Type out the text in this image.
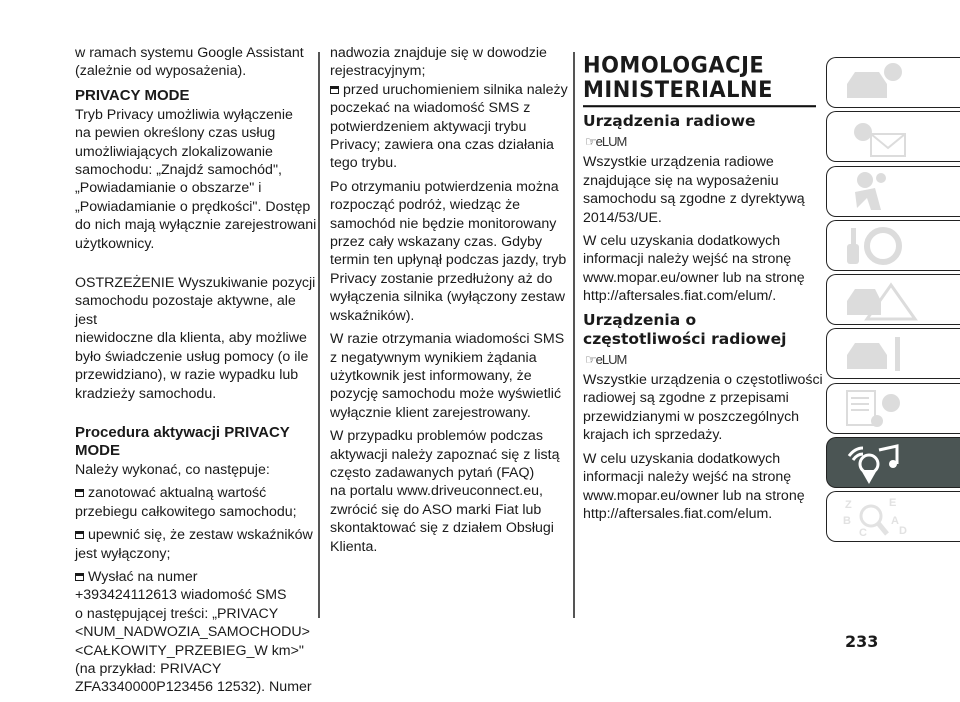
w ramach systemu Google Assistant
(zależnie od wyposażenia).

PRIVACY MODE

Tryb Privacy umożliwia wyłączenie
na pewien określony czas usług
umożliwiających zlokalizowanie
samochodu: „Znajdź samochód",
„Powiadamianie o obszarze" i
„Powiadamianie o prędkości". Dostęp
do nich mają wyłącznie zarejestrowani
użytkownicy.

OSTRZEŻENIE Wyszukiwanie pozycji
samochodu pozostaje aktywne, ale jest
niewidoczne dla klienta, aby możliwe
było świadczenie usług pomocy (o ile
przewidziano), w razie wypadku lub
kradzieży samochodu.

Procedura aktywacji PRIVACY
MODE

Należy wykonać, co następuje:

zanotować aktualną wartość
przebiegu całkowitego samochodu;

upewnić się, że zestaw wskaźników
jest wyłączony;

Wysłać na numer
+393424112613 wiadomość SMS
o następującej treści: „PRIVACY
<NUM_NADWOZIA_SAMOCHODU>
<CAŁKOWITY_PRZEBIEG_W km>"
(na przykład: PRIVACY
ZFA3340000P123456 12532). Numer

nadwozia znajduje się w dowodzie
rejestracyjnym;

przed uruchomieniem silnika należy
poczekać na wiadomość SMS z
potwierdzeniem aktywacji trybu
Privacy; zawiera ona czas działania
tego trybu.

Po otrzymaniu potwierdzenia można
rozpocząć podróż, wiedząc że
samochód nie będzie monitorowany
przez cały wskazany czas. Gdyby
termin ten upłynął podczas jazdy, tryb
Privacy zostanie przedłużony aż do
wyłączenia silnika (wyłączony zestaw
wskaźników).

W razie otrzymania wiadomości SMS
z negatywnym wynikiem żądania
użytkownik jest informowany, że
pozycję samochodu może wyświetlić
wyłącznie klient zarejestrowany.

W przypadku problemów podczas
aktywacji należy zapoznać się z listą
często zadawanych pytań (FAQ)
na portalu www.driveuconnect.eu,
zwrócić się do ASO marki Fiat lub
skontaktować się z działem Obsługi
Klienta.

HOMOLOGACJE
MINISTERIALNE
Urządzenia radiowe
☞eLUM

Wszystkie urządzenia radiowe
znajdujące się na wyposażeniu
samochodu są zgodne z dyrektywą
2014/53/UE.

W celu uzyskania dodatkowych
informacji należy wejść na stronę
www.mopar.eu/owner lub na stronę
http://aftersales.fiat.com/elum/.

Urządzenia o
częstotliwości radiowej
☞eLUM

Wszystkie urządzenia o częstotliwości
radiowej są zgodne z przepisami
przewidzianymi w poszczególnych
krajach ich sprzedaży.

W celu uzyskania dodatkowych
informacji należy wejść na stronę
www.mopar.eu/owner lub na stronę
http://aftersales.fiat.com/elum.

Z	E
B	A
D
C
233
